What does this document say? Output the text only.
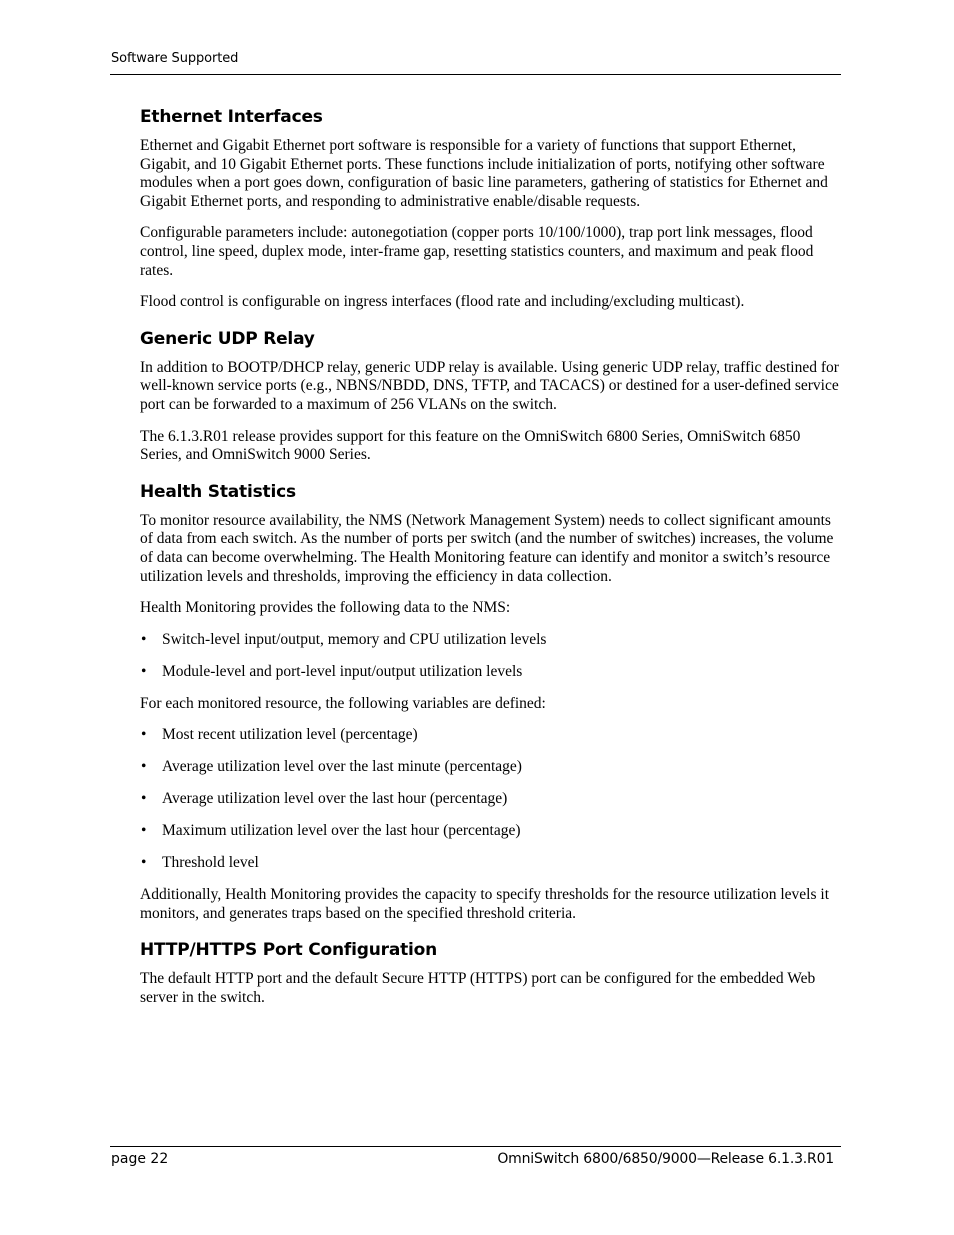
Software Supported
Ethernet Interfaces

Ethernet and Gigabit Ethernet port software is responsible for a variety of functions that support Ethernet, Gigabit, and 10 Gigabit Ethernet ports. These functions include initialization of ports, notifying other software modules when a port goes down, configuration of basic line parameters, gathering of statistics for Ethernet and Gigabit Ethernet ports, and responding to administrative enable/disable requests.

Configurable parameters include: autonegotiation (copper ports 10/100/1000), trap port link messages, flood control, line speed, duplex mode, inter-frame gap, resetting statistics counters, and maximum and peak flood rates.

Flood control is configurable on ingress interfaces (flood rate and including/excluding multicast).

Generic UDP Relay

In addition to BOOTP/DHCP relay, generic UDP relay is available. Using generic UDP relay, traffic destined for well-known service ports (e.g., NBNS/NBDD, DNS, TFTP, and TACACS) or destined for a user-defined service port can be forwarded to a maximum of 256 VLANs on the switch.

The 6.1.3.R01 release provides support for this feature on the OmniSwitch 6800 Series, OmniSwitch 6850 Series, and OmniSwitch 9000 Series.

Health Statistics

To monitor resource availability, the NMS (Network Management System) needs to collect significant amounts of data from each switch. As the number of ports per switch (and the number of switches) increases, the volume of data can become overwhelming. The Health Monitoring feature can identify and monitor a switch’s resource utilization levels and thresholds, improving the efficiency in data collection.

Health Monitoring provides the following data to the NMS:

• Switch-level input/output, memory and CPU utilization levels
• Module-level and port-level input/output utilization levels

For each monitored resource, the following variables are defined:

• Most recent utilization level (percentage)
• Average utilization level over the last minute (percentage)
• Average utilization level over the last hour (percentage)
• Maximum utilization level over the last hour (percentage)
• Threshold level

Additionally, Health Monitoring provides the capacity to specify thresholds for the resource utilization levels it monitors, and generates traps based on the specified threshold criteria.

HTTP/HTTPS Port Configuration

The default HTTP port and the default Secure HTTP (HTTPS) port can be configured for the embedded Web server in the switch.

page 22	OmniSwitch 6800/6850/9000—Release 6.1.3.R01
